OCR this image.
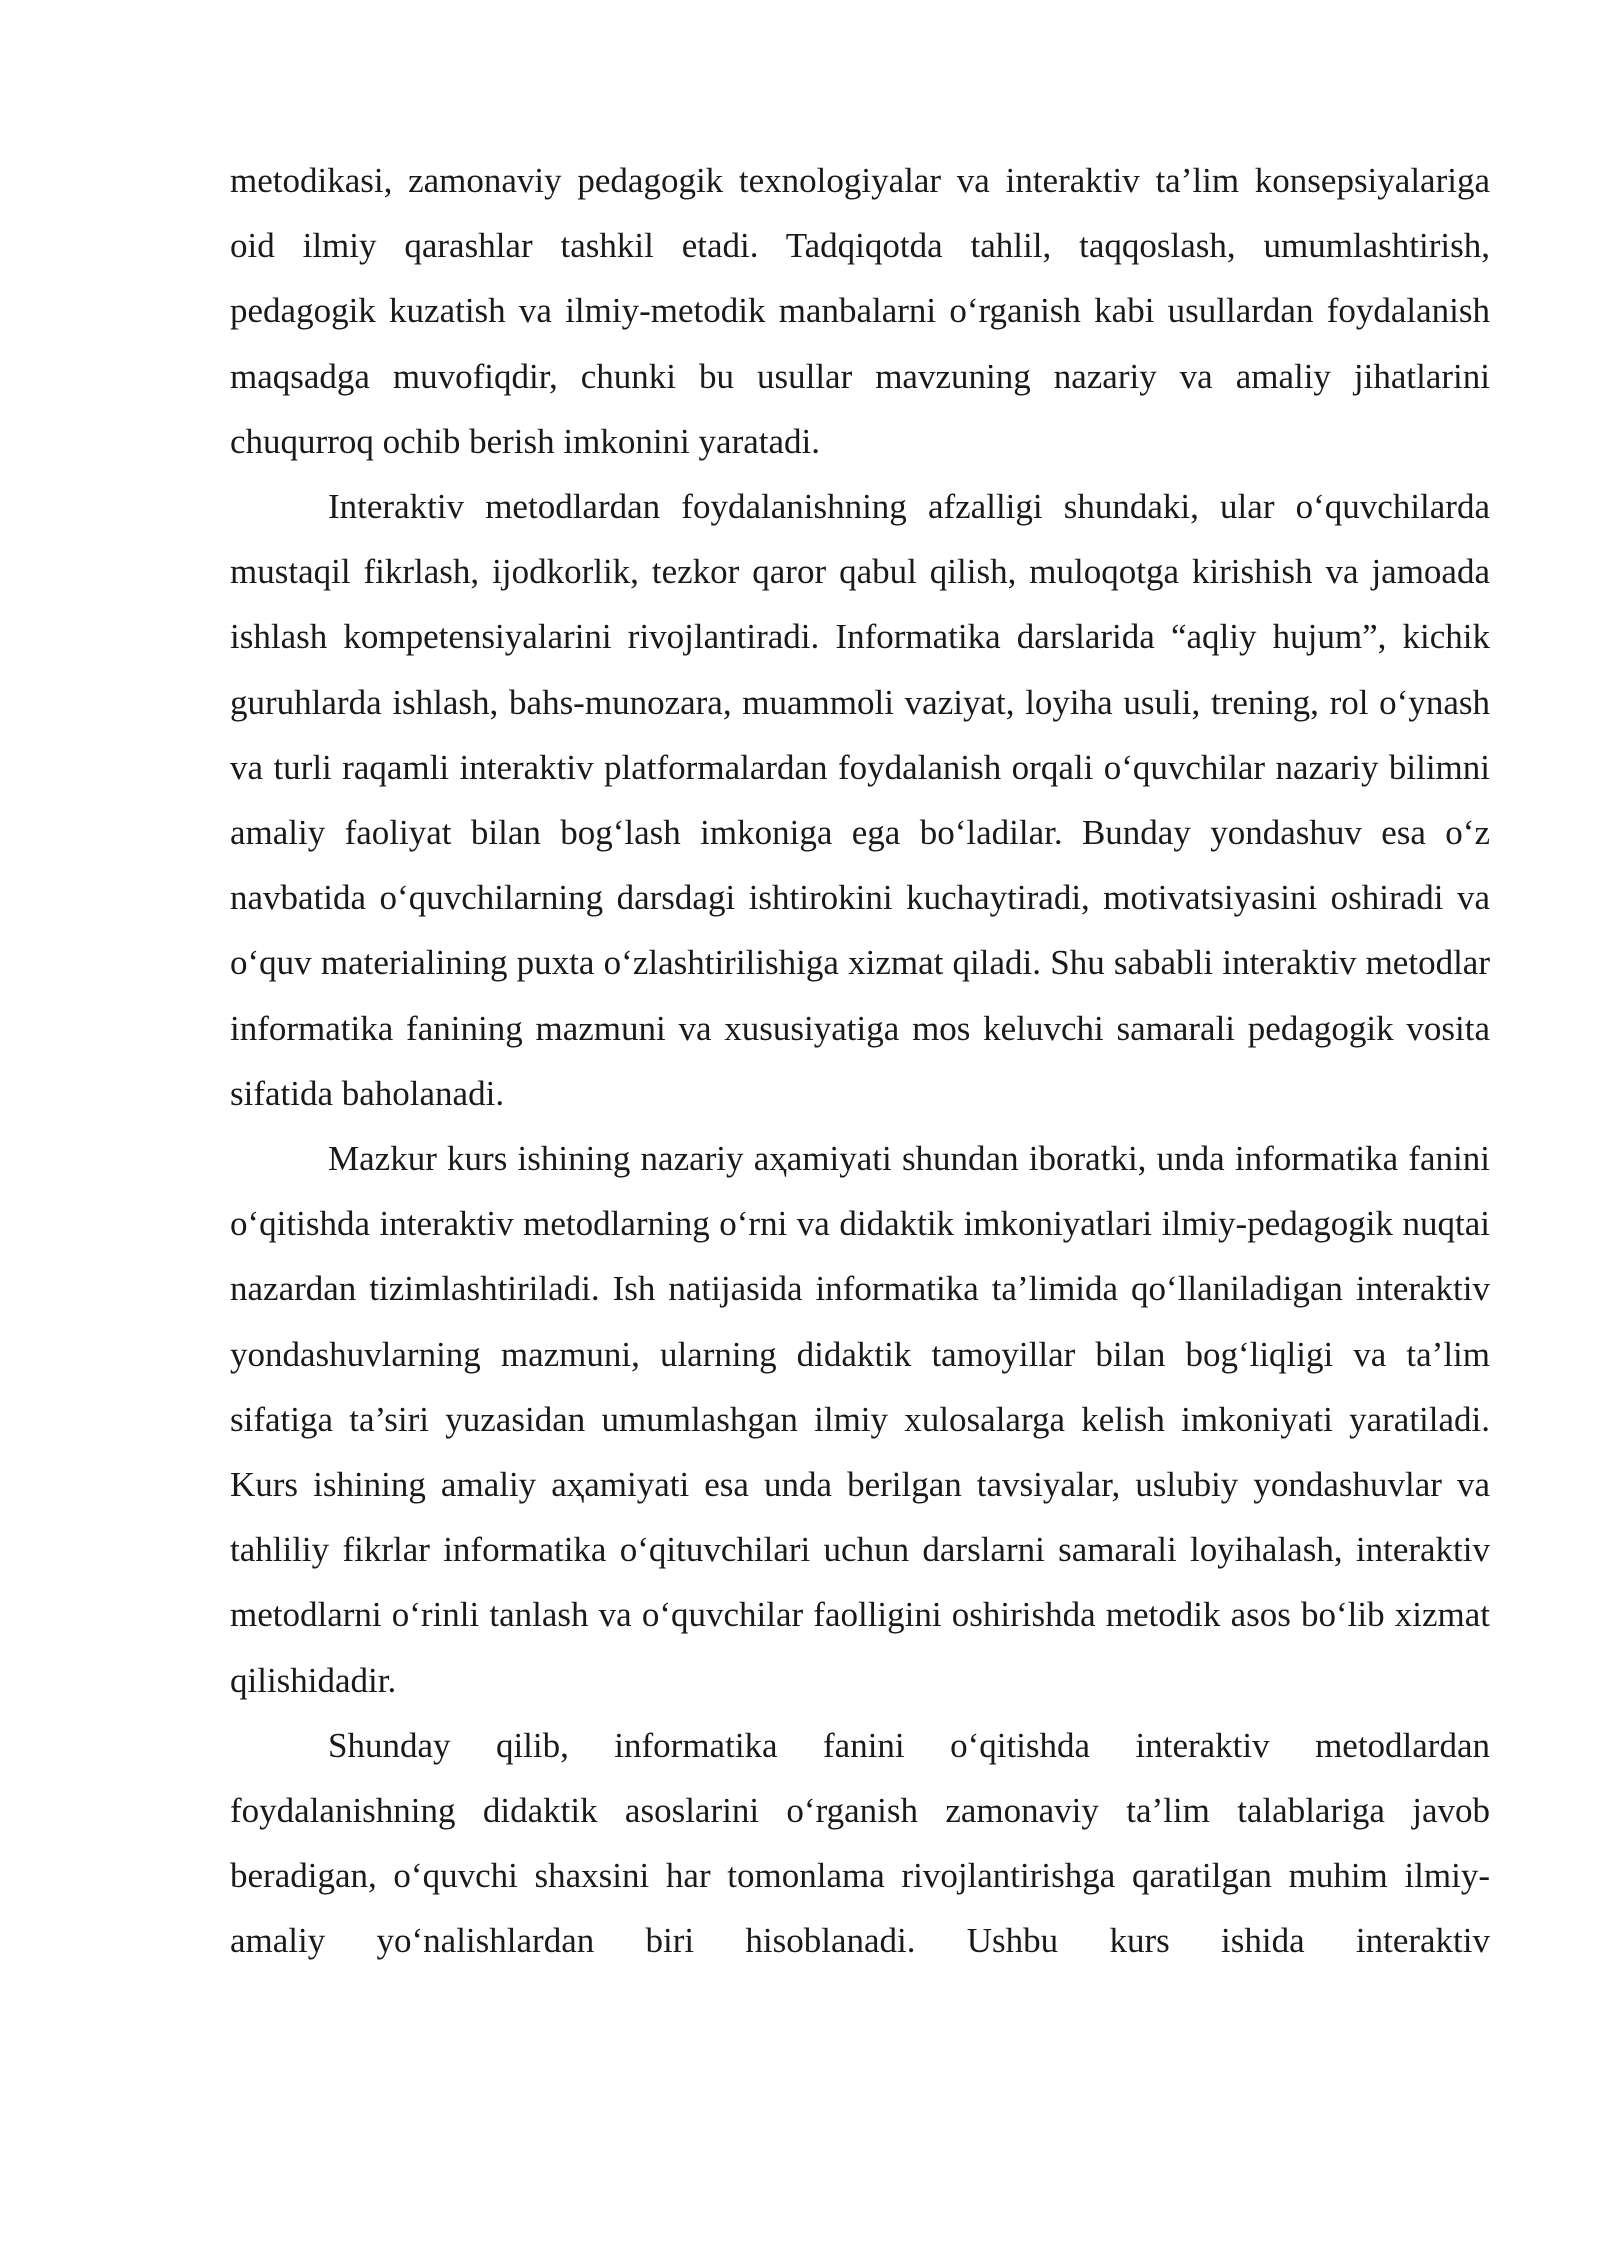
metodikasi, zamonaviy pedagogik texnologiyalar va interaktiv ta’lim konsepsiyalariga oid ilmiy qarashlar tashkil etadi. Tadqiqotda tahlil, taqqoslash, umumlashtirish, pedagogik kuzatish va ilmiy-metodik manbalarni o‘rganish kabi usullardan foydalanish maqsadga muvofiqdir, chunki bu usullar mavzuning nazariy va amaliy jihatlarini chuqurroq ochib berish imkonini yaratadi.

Interaktiv metodlardan foydalanishning afzalligi shundaki, ular o‘quvchilarda mustaqil fikrlash, ijodkorlik, tezkor qaror qabul qilish, muloqotga kirishish va jamoada ishlash kompetensiyalarini rivojlantiradi. Informatika darslarida “aqliy hujum”, kichik guruhlarda ishlash, bahs-munozara, muammoli vaziyat, loyiha usuli, trening, rol o‘ynash va turli raqamli interaktiv platformalardan foydalanish orqali o‘quvchilar nazariy bilimni amaliy faoliyat bilan bog‘lash imkoniga ega bo‘ladilar. Bunday yondashuv esa o‘z navbatida o‘quvchilarning darsdagi ishtirokini kuchaytiradi, motivatsiyasini oshiradi va o‘quv materialining puxta o‘zlashtirilishiga xizmat qiladi. Shu sababli interaktiv metodlar informatika fanining mazmuni va xususiyatiga mos keluvchi samarali pedagogik vosita sifatida baholanadi.

Mazkur kurs ishining nazariy aҳamiyati shundan iboratki, unda informatika fanini o‘qitishda interaktiv metodlarning o‘rni va didaktik imkoniyatlari ilmiy-pedagogik nuqtai nazardan tizimlashtiriladi. Ish natijasida informatika ta’limida qo‘llaniladigan interaktiv yondashuvlarning mazmuni, ularning didaktik tamoyillar bilan bog‘liqligi va ta’lim sifatiga ta’siri yuzasidan umumlashgan ilmiy xulosalarga kelish imkoniyati yaratiladi. Kurs ishining amaliy aҳamiyati esa unda berilgan tavsiyalar, uslubiy yondashuvlar va tahliliy fikrlar informatika o‘qituvchilari uchun darslarni samarali loyihalash, interaktiv metodlarni o‘rinli tanlash va o‘quvchilar faolligini oshirishda metodik asos bo‘lib xizmat qilishidadir.

Shunday qilib, informatika fanini o‘qitishda interaktiv metodlardan foydalanishning didaktik asoslarini o‘rganish zamonaviy ta’lim talablariga javob beradigan, o‘quvchi shaxsini har tomonlama rivojlantirishga qaratilgan muhim ilmiy-amaliy yo‘nalishlardan biri hisoblanadi. Ushbu kurs ishida interaktiv
